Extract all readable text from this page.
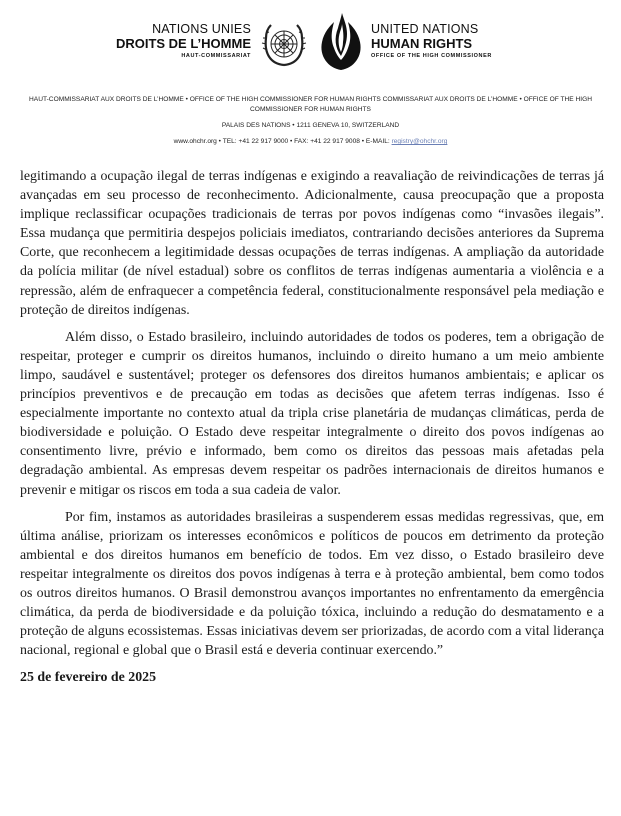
NATIONS UNIES
DROITS DE L’HOMME
HAUT-COMMISSARIAT
UNITED NATIONS
HUMAN RIGHTS
OFFICE OF THE HIGH COMMISSIONER
HAUT-COMMISSARIAT AUX DROITS DE L’HOMME • OFFICE OF THE HIGH COMMISSIONER FOR HUMAN RIGHTS COMMISSARIAT AUX DROITS DE L’HOMME • OFFICE OF THE HIGH COMMISSIONER FOR HUMAN RIGHTS
PALAIS DES NATIONS • 1211 GENEVA 10, SWITZERLAND
www.ohchr.org • TEL: +41 22 917 9000 • FAX: +41 22 917 9008 • E-MAIL: registry@ohchr.org

legitimando a ocupação ilegal de terras indígenas e exigindo a reavaliação de reivindicações de terras já avançadas em seu processo de reconhecimento. Adicionalmente, causa preocupação que a proposta implique reclassificar ocupações tradicionais de terras por povos indígenas como “invasões ilegais”. Essa mudança que permitiria despejos policiais imediatos, contrariando decisões anteriores da Suprema Corte, que reconhecem a legitimidade dessas ocupações de terras indígenas. A ampliação da autoridade da polícia militar (de nível estadual) sobre os conflitos de terras indígenas aumentaria a violência e a repressão, além de enfraquecer a competência federal, constitucionalmente responsável pela mediação e proteção de direitos indígenas.

Além disso, o Estado brasileiro, incluindo autoridades de todos os poderes, tem a obrigação de respeitar, proteger e cumprir os direitos humanos, incluindo o direito humano a um meio ambiente limpo, saudável e sustentável; proteger os defensores dos direitos humanos ambientais; e aplicar os princípios preventivos e de precaução em todas as decisões que afetem terras indígenas. Isso é especialmente importante no contexto atual da tripla crise planetária de mudanças climáticas, perda de biodiversidade e poluição. O Estado deve respeitar integralmente o direito dos povos indígenas ao consentimento livre, prévio e informado, bem como os direitos das pessoas mais afetadas pela degradação ambiental. As empresas devem respeitar os padrões internacionais de direitos humanos e prevenir e mitigar os riscos em toda a sua cadeia de valor.

Por fim, instamos as autoridades brasileiras a suspenderem essas medidas regressivas, que, em última análise, priorizam os interesses econômicos e políticos de poucos em detrimento da proteção ambiental e dos direitos humanos em benefício de todos. Em vez disso, o Estado brasileiro deve respeitar integralmente os direitos dos povos indígenas à terra e à proteção ambiental, bem como todos os outros direitos humanos. O Brasil demonstrou avanços importantes no enfrentamento da emergência climática, da perda de biodiversidade e da poluição tóxica, incluindo a redução do desmatamento e a proteção de alguns ecossistemas. Essas iniciativas devem ser priorizadas, de acordo com a vital liderança nacional, regional e global que o Brasil está e deveria continuar exercendo.”

25 de fevereiro de 2025
